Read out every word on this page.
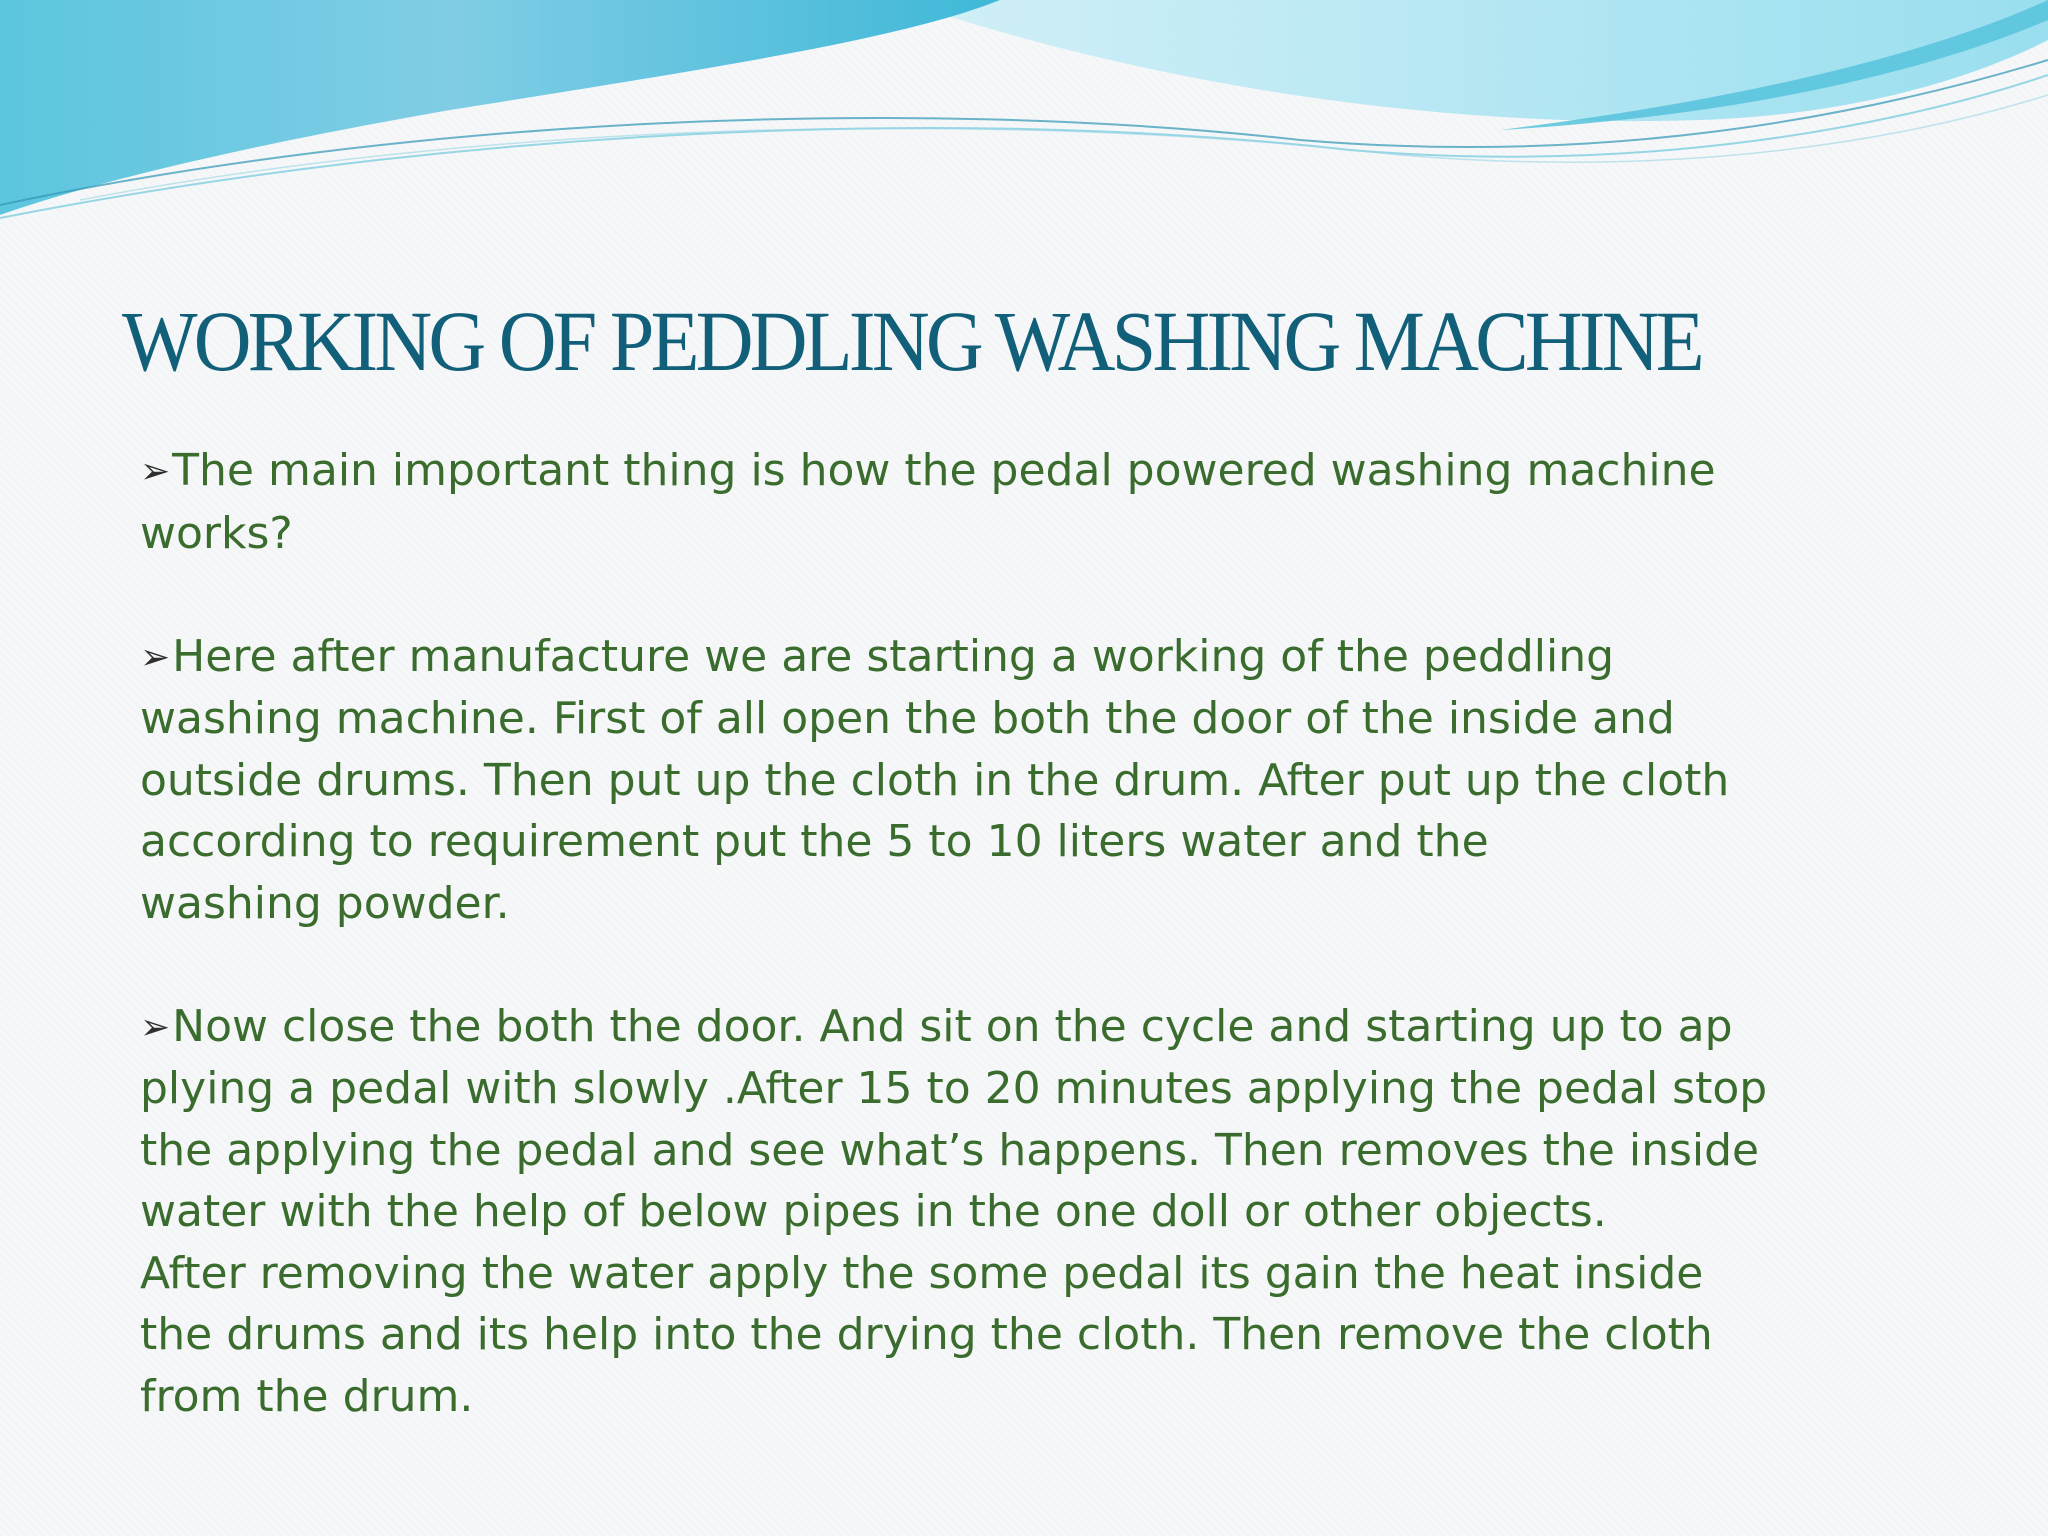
WORKING OF PEDDLING WASHING MACHINE

➢The main important thing is how the pedal powered washing machine
works?

➢Here after manufacture we are starting a working of the peddling
washing machine. First of all open the both the door of the inside and
outside drums. Then put up the cloth in the drum. After put up the cloth
according to requirement put the 5 to 10 liters water and the
washing powder.

➢Now close the both the door. And sit on the cycle and starting up to ap
plying a pedal with slowly .After 15 to 20 minutes applying the pedal stop
the applying the pedal and see what’s happens. Then removes the inside
water with the help of below pipes in the one doll or other objects.
After removing the water apply the some pedal its gain the heat inside
the drums and its help into the drying the cloth. Then remove the cloth
from the drum.
